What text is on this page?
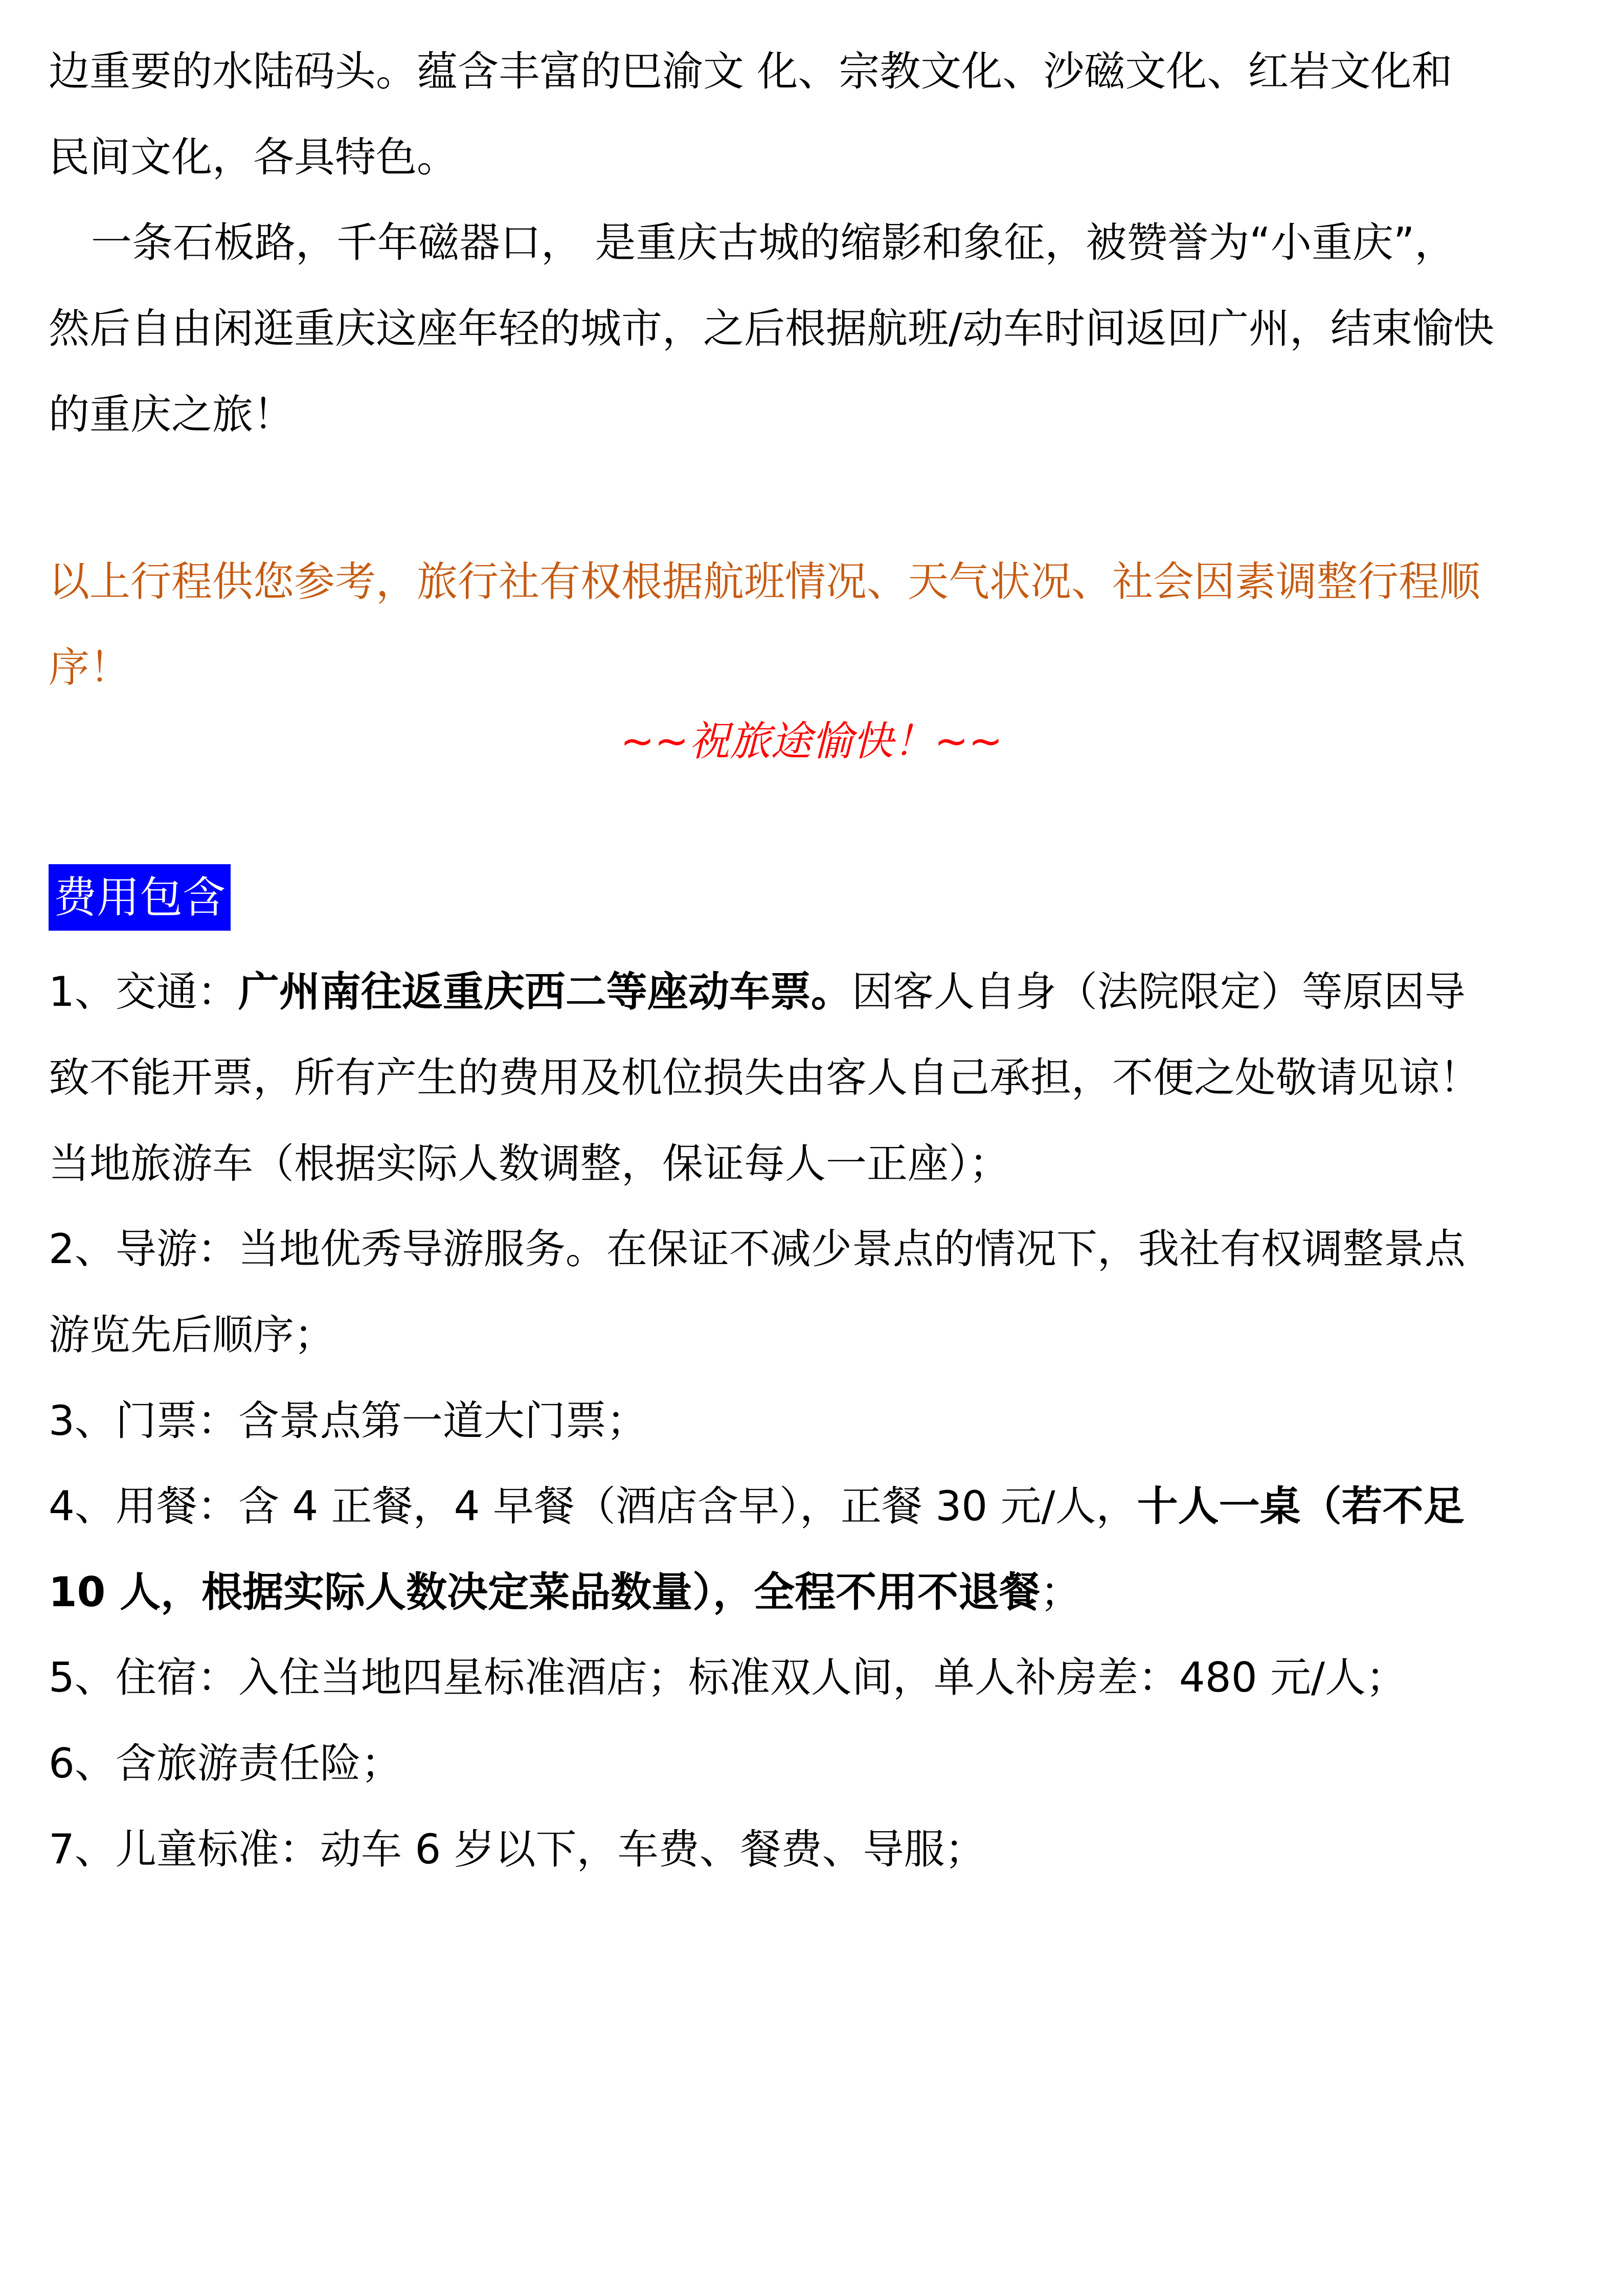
边重要的水陆码头。蕴含丰富的巴渝文 化、宗教文化、沙磁文化、红岩文化和
民间文化，各具特色。
一条石板路，千年磁器口， 是重庆古城的缩影和象征，被赞誉为“小重庆”，
然后自由闲逛重庆这座年轻的城市，之后根据航班/动车时间返回广州，结束愉快
的重庆之旅！
以上行程供您参考，旅行社有权根据航班情况、天气状况、社会因素调整行程顺
序！
~~祝旅途愉快！~~
费用包含
1、交通：广州南往返重庆西二等座动车票。因客人自身（法院限定）等原因导
致不能开票，所有产生的费用及机位损失由客人自己承担，不便之处敬请见谅！
当地旅游车（根据实际人数调整，保证每人一正座）；
2、导游：当地优秀导游服务。在保证不减少景点的情况下，我社有权调整景点
游览先后顺序；
3、门票：含景点第一道大门票；
4、用餐：含 4 正餐，4 早餐（酒店含早），正餐 30 元/人，十人一桌（若不足
10 人，根据实际人数决定菜品数量），全程不用不退餐；
5、住宿：入住当地四星标准酒店；标准双人间，单人补房差：480 元/人；
6、含旅游责任险；
7、儿童标准：动车 6 岁以下，车费、餐费、导服；
